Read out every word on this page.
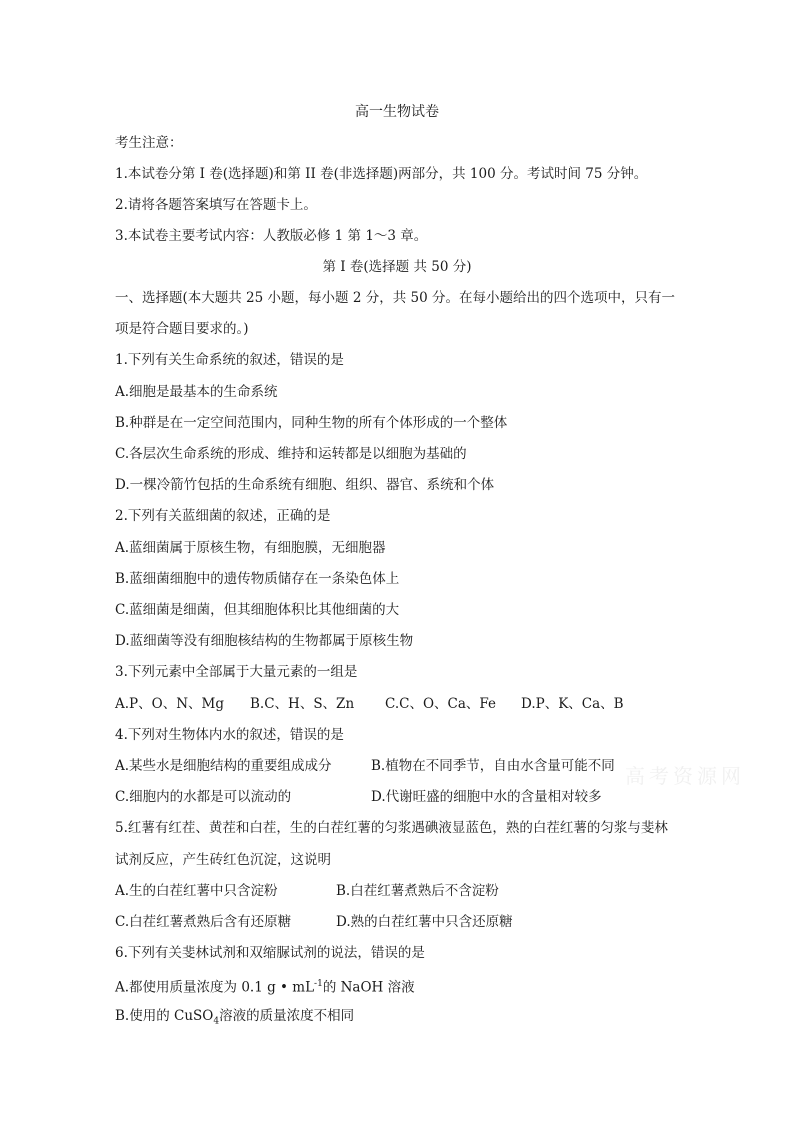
高一生物试卷
考生注意：
1.本试卷分第 I 卷(选择题)和第 II 卷(非选择题)两部分，共 100 分。考试时间 75 分钟。
2.请将各题答案填写在答题卡上。
3.本试卷主要考试内容：人教版必修 1 第 1～3 章。
第 I 卷(选择题 共 50 分)
一、选择题(本大题共 25 小题，每小题 2 分，共 50 分。在每小题给出的四个选项中，只有一
项是符合题目要求的。)
1.下列有关生命系统的叙述，错误的是
A.细胞是最基本的生命系统
B.种群是在一定空间范围内，同种生物的所有个体形成的一个整体
C.各层次生命系统的形成、维持和运转都是以细胞为基础的
D.一棵冷箭竹包括的生命系统有细胞、组织、器官、系统和个体
2.下列有关蓝细菌的叙述，正确的是
A.蓝细菌属于原核生物，有细胞膜，无细胞器
B.蓝细菌细胞中的遗传物质储存在一条染色体上
C.蓝细菌是细菌，但其细胞体积比其他细菌的大
D.蓝细菌等没有细胞核结构的生物都属于原核生物
3.下列元素中全部属于大量元素的一组是
A.P、O、N、Mg B.C、H、S、Zn C.C、O、Ca、Fe D.P、K、Ca、B
4.下列对生物体内水的叙述，错误的是
A.某些水是细胞结构的重要组成成分	B.植物在不同季节，自由水含量可能不同
C.细胞内的水都是可以流动的	D.代谢旺盛的细胞中水的含量相对较多
高考资源网
5.红薯有红茬、黄茬和白茬，生的白茬红薯的匀浆遇碘液显蓝色，熟的白茬红薯的匀浆与斐林
试剂反应，产生砖红色沉淀，这说明
A.生的白茬红薯中只含淀粉	B.白茬红薯煮熟后不含淀粉
C.白茬红薯煮熟后含有还原糖	D.熟的白茬红薯中只含还原糖
6.下列有关斐林试剂和双缩脲试剂的说法，错误的是
A.都使用质量浓度为 0.1 g • $mL^{-1}$的 NaOH 溶液
B.使用的 CuSO$_4$溶液的质量浓度不相同
